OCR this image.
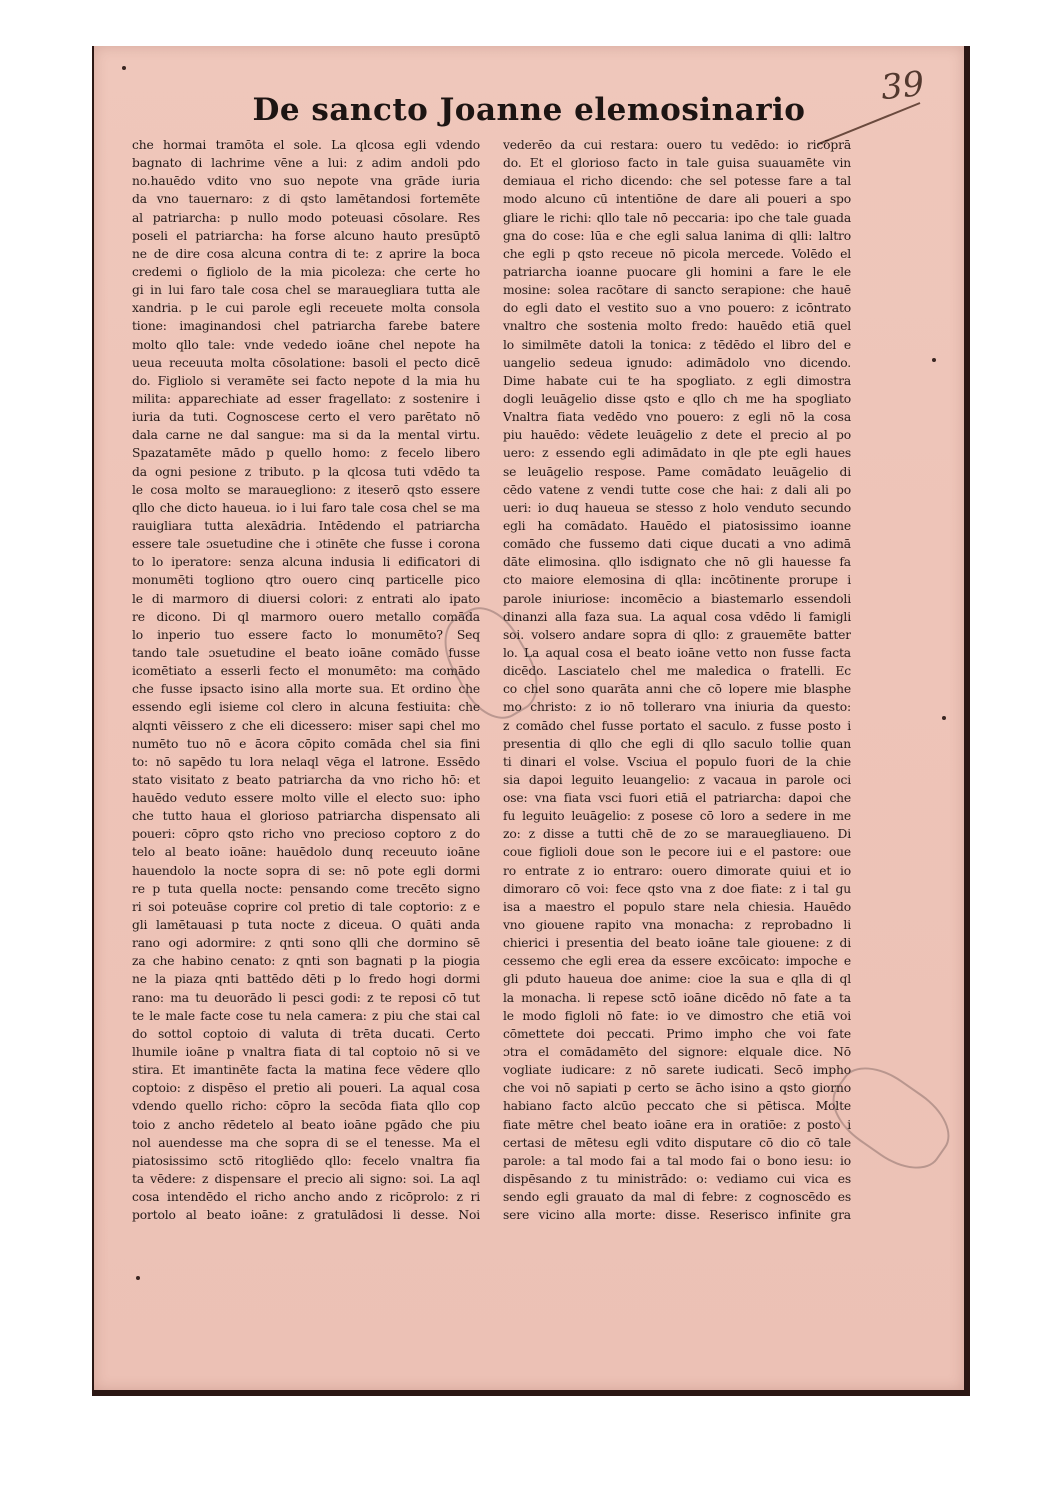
39
De sancto Joanne elemosinario
che hormai tramōta el sole. La qlcosa egli vdendo
bagnato di lachrime vēne a lui: z adim andoli pdo
no.hauēdo vdito vno suo nepote vna grāde iuria
da vno tauernaro: z di qsto lamētandosi fortemēte
al patriarcha: p nullo modo poteuasi cōsolare. Res
poseli el patriarcha: ha forse alcuno hauto presūptō
ne de dire cosa alcuna contra di te: z aprire la boca
credemi o figliolo de la mia picoleza: che certe ho
gi in lui faro tale cosa chel se marauegliara tutta ale
xandria. p le cui parole egli receuete molta consola
tione: imaginandosi chel patriarcha farebe batere
molto qllo tale: vnde vededo ioāne chel nepote ha
ueua receuuta molta cōsolatione: basoli el pecto dicē
do. Figliolo si veramēte sei facto nepote d la mia hu
milita: apparechiate ad esser fragellato: z sostenire i
iuria da tuti. Cognoscese certo el vero parētato nō
dala carne ne dal sangue: ma si da la mental virtu.
Spazatamēte mādo p quello homo: z fecelo libero
da ogni pesione z tributo. p la qlcosa tuti vdēdo ta
le cosa molto se marauegliono: z iteserō qsto essere
qllo che dicto haueua. io i lui faro tale cosa chel se ma
rauigliara tutta alexādria. Intēdendo el patriarcha
essere tale ɔsuetudine che i ɔtinēte che fusse i corona
to lo iperatore: senza alcuna indusia li edificatori di
monumēti togliono qtro ouero cinq particelle pico
le di marmoro di diuersi colori: z entrati alo ipato
re dicono. Di ql marmoro ouero metallo comāda
lo inperio tuo essere facto lo monumēto? Seq
tando tale ɔsuetudine el beato ioāne comādo fusse
icomētiato a esserli fecto el monumēto: ma comādo
che fusse ipsacto isino alla morte sua. Et ordino che
essendo egli isieme col clero in alcuna festiuita: che
alqnti vēissero z che eli dicessero: miser sapi chel mo
numēto tuo nō e ācora cōpito comāda chel sia fini
to: nō sapēdo tu lora nelaql vēga el latrone. Essēdo
stato visitato z beato patriarcha da vno richo hō: et
hauēdo veduto essere molto ville el electo suo: ipho
che tutto haua el glorioso patriarcha dispensato ali
poueri: cōpro qsto richo vno precioso coptoro z do
telo al beato ioāne: hauēdolo dunq receuuto ioāne
hauendolo la nocte sopra di se: nō pote egli dormi
re p tuta quella nocte: pensando come trecēto signo
ri soi poteuāse coprire col pretio di tale coptorio: z e
gli lamētauasi p tuta nocte z diceua. O quāti anda
rano ogi adormire: z qnti sono qlli che dormino sē
za che habino cenato: z qnti son bagnati p la piogia
ne la piaza qnti battēdo dēti p lo fredo hogi dormi
rano: ma tu deuorādo li pesci godi: z te reposi cō tut
te le male facte cose tu nela camera: z piu che stai cal
do sottol coptoio di valuta di trēta ducati. Certo
lhumile ioāne p vnaltra fiata di tal coptoio nō si ve
stira. Et imantinēte facta la matina fece vēdere qllo
coptoio: z dispēso el pretio ali poueri. La aqual cosa
vdendo quello richo: cōpro la secōda fiata qllo cop
toio z ancho rēdetelo al beato ioāne pgādo che piu
nol auendesse ma che sopra di se el tenesse. Ma el
piatosissimo sctō ritogliēdo qllo: fecelo vnaltra fia
ta vēdere: z dispensare el precio ali signo: soi. La aql
cosa intendēdo el richo ancho ando z ricōprolo: z ri
portolo al beato ioāne: z gratulādosi li desse. Noi
vederēo da cui restara: ouero tu vedēdo: io ricōprā
do. Et el glorioso facto in tale guisa suauamēte vin
demiaua el richo dicendo: che sel potesse fare a tal
modo alcuno cū intentiōne de dare ali poueri a spo
gliare le richi: qllo tale nō peccaria: ipo che tale guada
gna do cose: lūa e che egli salua lanima di qlli: laltro
che egli p qsto receue nō picola mercede. Volēdo el
patriarcha ioanne puocare gli homini a fare le ele
mosine: solea racōtare di sancto serapione: che hauē
do egli dato el vestito suo a vno pouero: z icōntrato
vnaltro che sostenia molto fredo: hauēdo etiā quel
lo similmēte datoli la tonica: z tēdēdo el libro del e
uangelio sedeua ignudo: adimādolo vno dicendo.
Dime habate cui te ha spogliato. z egli dimostra
dogli leuāgelio disse qsto e qllo ch me ha spogliato
Vnaltra fiata vedēdo vno pouero: z egli nō la cosa
piu hauēdo: vēdete leuāgelio z dete el precio al po
uero: z essendo egli adimādato in qle pte egli haues
se leuāgelio respose. Pame comādato leuāgelio di
cēdo vatene z vendi tutte cose che hai: z dali ali po
ueri: io duq haueua se stesso z holo venduto secundo
egli ha comādato. Hauēdo el piatosissimo ioanne
comādo che fussemo dati cique ducati a vno adimā
dāte elimosina. qllo isdignato che nō gli hauesse fa
cto maiore elemosina di qlla: incōtinente prorupe i
parole iniuriose: incomēcio a biastemarlo essendoli
dinanzi alla faza sua. La aqual cosa vdēdo li famigli
soi. volsero andare sopra di qllo: z grauemēte batter
lo. La aqual cosa el beato ioāne vetto non fusse facta
dicēdo. Lasciatelo chel me maledica o fratelli. Ec
co chel sono quarāta anni che cō lopere mie blasphe
mo christo: z io nō tolleraro vna iniuria da questo:
z comādo chel fusse portato el saculo. z fusse posto i
presentia di qllo che egli di qllo saculo tollie quan
ti dinari el volse. Vsciua el populo fuori de la chie
sia dapoi leguito leuangelio: z vacaua in parole oci
ose: vna fiata vsci fuori etiā el patriarcha: dapoi che
fu leguito leuāgelio: z posese cō loro a sedere in me
zo: z disse a tutti chē de zo se marauegliaueno. Di
coue figlioli doue son le pecore iui e el pastore: oue
ro entrate z io entraro: ouero dimorate quiui et io
dimoraro cō voi: fece qsto vna z doe fiate: z i tal gu
isa a maestro el populo stare nela chiesia. Hauēdo
vno giouene rapito vna monacha: z reprobadno li
chierici i presentia del beato ioāne tale giouene: z di
cessemo che egli erea da essere excōicato: impoche e
gli pduto haueua doe anime: cioe la sua e qlla di ql
la monacha. li repese sctō ioāne dicēdo nō fate a ta
le modo figloli nō fate: io ve dimostro che etiā voi
cōmettete doi peccati. Primo impho che voi fate
ɔtra el comādamēto del signore: elquale dice. Nō
vogliate iudicare: z nō sarete iudicati. Secō impho
che voi nō sapiati p certo se ācho isino a qsto giorno
habiano facto alcūo peccato che si pētisca. Molte
fiate mētre chel beato ioāne era in oratiōe: z posto i
certasi de mētesu egli vdito disputare cō dio cō tale
parole: a tal modo fai a tal modo fai o bono iesu: io
dispēsando z tu ministrādo: o: vediamo cui vica es
sendo egli grauato da mal di febre: z cognoscēdo es
sere vicino alla morte: disse. Reserisco infinite gra
